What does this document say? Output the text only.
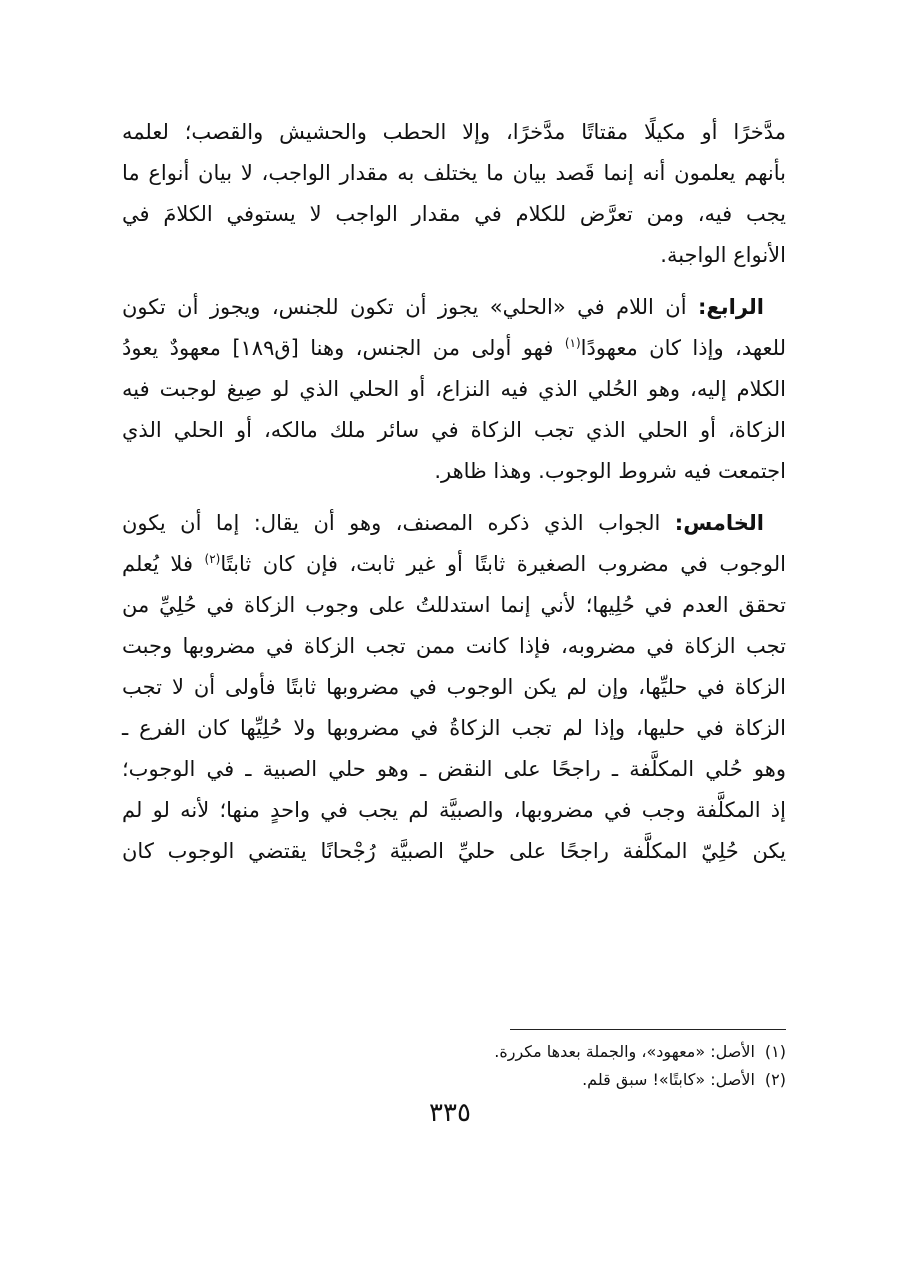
مدَّخرًا أو مكيلًا مقتاتًا مدَّخرًا، وإلا الحطب والحشيش والقصب؛ لعلمه
بأنهم يعلمون أنه إنما قَصد بيان ما يختلف به مقدار الواجب، لا بيان أنواع ما
يجب فيه، ومن تعرَّض للكلام في مقدار الواجب لا يستوفي الكلامَ في
الأنواع الواجبة.
الرابع: أن اللام في «الحلي» يجوز أن تكون للجنس، ويجوز أن تكون
للعهد، وإذا كان معهودًا$^{(١)}$ فهو أولى من الجنس، وهنا [ق١٨٩] معهودٌ يعودُ
الكلام إليه، وهو الحُلي الذي فيه النزاع، أو الحلي الذي لو صِيغ لوجبت فيه
الزكاة، أو الحلي الذي تجب الزكاة في سائر ملك مالكه، أو الحلي الذي
اجتمعت فيه شروط الوجوب. وهذا ظاهر.
الخامس: الجواب الذي ذكره المصنف، وهو أن يقال: إما أن يكون
الوجوب في مضروب الصغيرة ثابتًا أو غير ثابت، فإن كان ثابتًا$^{(٢)}$ فلا يُعلم
تحقق العدم في حُلِيها؛ لأني إنما استدللتُ على وجوب الزكاة في حُلِيِّ من
تجب الزكاة في مضروبه، فإذا كانت ممن تجب الزكاة في مضروبها وجبت
الزكاة في حليِّها، وإن لم يكن الوجوب في مضروبها ثابتًا فأولى أن لا تجب
الزكاة في حليها، وإذا لم تجب الزكاةُ في مضروبها ولا حُلِيِّها كان الفرع ـ
وهو حُلي المكلَّفة ـ راجحًا على النقض ـ وهو حلي الصبية ـ في الوجوب؛
إذ المكلَّفة وجب في مضروبها، والصبيَّة لم يجب في واحدٍ منها؛ لأنه لو لم
يكن حُلِيّ المكلَّفة راجحًا على حليِّ الصبيَّة رُجْحانًا يقتضي الوجوب كان
(١)الأصل: «معهود»، والجملة بعدها مكررة.
(٢)الأصل: «كابتًا»! سبق قلم.
٣٣٥
